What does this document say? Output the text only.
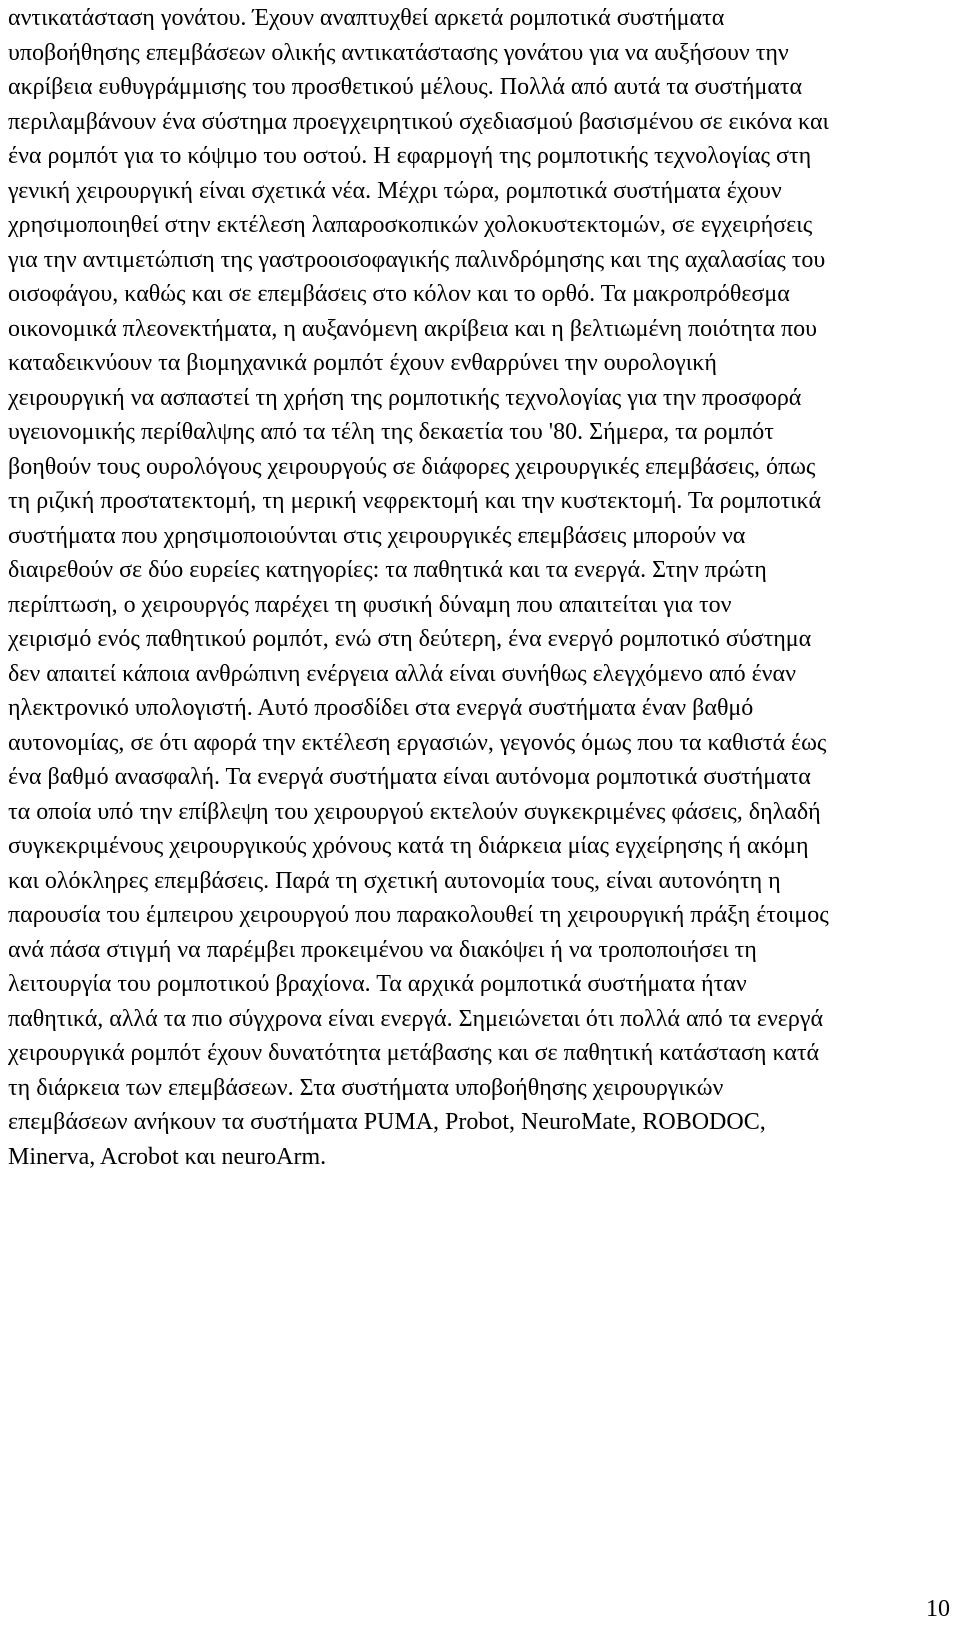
αντικατάσταση γονάτου. Έχουν αναπτυχθεί αρκετά ρομποτικά συστήματα
υποβοήθησης επεμβάσεων ολικής αντικατάστασης γονάτου για να αυξήσουν την
ακρίβεια ευθυγράμμισης του προσθετικού μέλους. Πολλά από αυτά τα συστήματα
περιλαμβάνουν ένα σύστημα προεγχειρητικού σχεδιασμού βασισμένου σε εικόνα και
ένα ρομπότ για το κόψιμο του οστού. Η εφαρμογή της ρομποτικής τεχνολογίας στη
γενική χειρουργική είναι σχετικά νέα. Μέχρι τώρα, ρομποτικά συστήματα έχουν
χρησιμοποιηθεί στην εκτέλεση λαπαροσκοπικών χολοκυστεκτομών, σε εγχειρήσεις
για την αντιμετώπιση της γαστροοισοφαγικής παλινδρόμησης και της αχαλασίας του
οισοφάγου, καθώς και σε επεμβάσεις στο κόλον και το ορθό. Τα μακροπρόθεσμα
οικονομικά πλεονεκτήματα, η αυξανόμενη ακρίβεια και η βελτιωμένη ποιότητα που
καταδεικνύουν τα βιομηχανικά ρομπότ έχουν ενθαρρύνει την ουρολογική
χειρουργική να ασπαστεί τη χρήση της ρομποτικής τεχνολογίας για την προσφορά
υγειονομικής περίθαλψης από τα τέλη της δεκαετία του '80. Σήμερα, τα ρομπότ
βοηθούν τους ουρολόγους χειρουργούς σε διάφορες χειρουργικές επεμβάσεις, όπως
τη ριζική προστατεκτομή, τη μερική νεφρεκτομή και την κυστεκτομή. Τα ρομποτικά
συστήματα που χρησιμοποιούνται στις χειρουργικές επεμβάσεις μπορούν να
διαιρεθούν σε δύο ευρείες κατηγορίες: τα παθητικά και τα ενεργά. Στην πρώτη
περίπτωση, ο χειρουργός παρέχει τη φυσική δύναμη που απαιτείται για τον
χειρισμό ενός παθητικού ρομπότ, ενώ στη δεύτερη, ένα ενεργό ρομποτικό σύστημα
δεν απαιτεί κάποια ανθρώπινη ενέργεια αλλά είναι συνήθως ελεγχόμενο από έναν
ηλεκτρονικό υπολογιστή. Αυτό προσδίδει στα ενεργά συστήματα έναν βαθμό
αυτονομίας, σε ότι αφορά την εκτέλεση εργασιών, γεγονός όμως που τα καθιστά έως
ένα βαθμό ανασφαλή. Τα ενεργά συστήματα είναι αυτόνομα ρομποτικά συστήματα
τα οποία υπό την επίβλεψη του χειρουργού εκτελούν συγκεκριμένες φάσεις, δηλαδή
συγκεκριμένους χειρουργικούς χρόνους κατά τη διάρκεια μίας εγχείρησης ή ακόμη
και ολόκληρες επεμβάσεις. Παρά τη σχετική αυτονομία τους, είναι αυτονόητη η
παρουσία του έμπειρου χειρουργού που παρακολουθεί τη χειρουργική πράξη έτοιμος
ανά πάσα στιγμή να παρέμβει προκειμένου να διακόψει ή να τροποποιήσει τη
λειτουργία του ρομποτικού βραχίονα. Τα αρχικά ρομποτικά συστήματα ήταν
παθητικά, αλλά τα πιο σύγχρονα είναι ενεργά. Σημειώνεται ότι πολλά από τα ενεργά
χειρουργικά ρομπότ έχουν δυνατότητα μετάβασης και σε παθητική κατάσταση κατά
τη διάρκεια των επεμβάσεων. Στα συστήματα υποβοήθησης χειρουργικών
επεμβάσεων ανήκουν τα συστήματα PUMA, Probot, NeuroMate, ROBODOC,
Minerva, Acrobot και neuroArm.
10
